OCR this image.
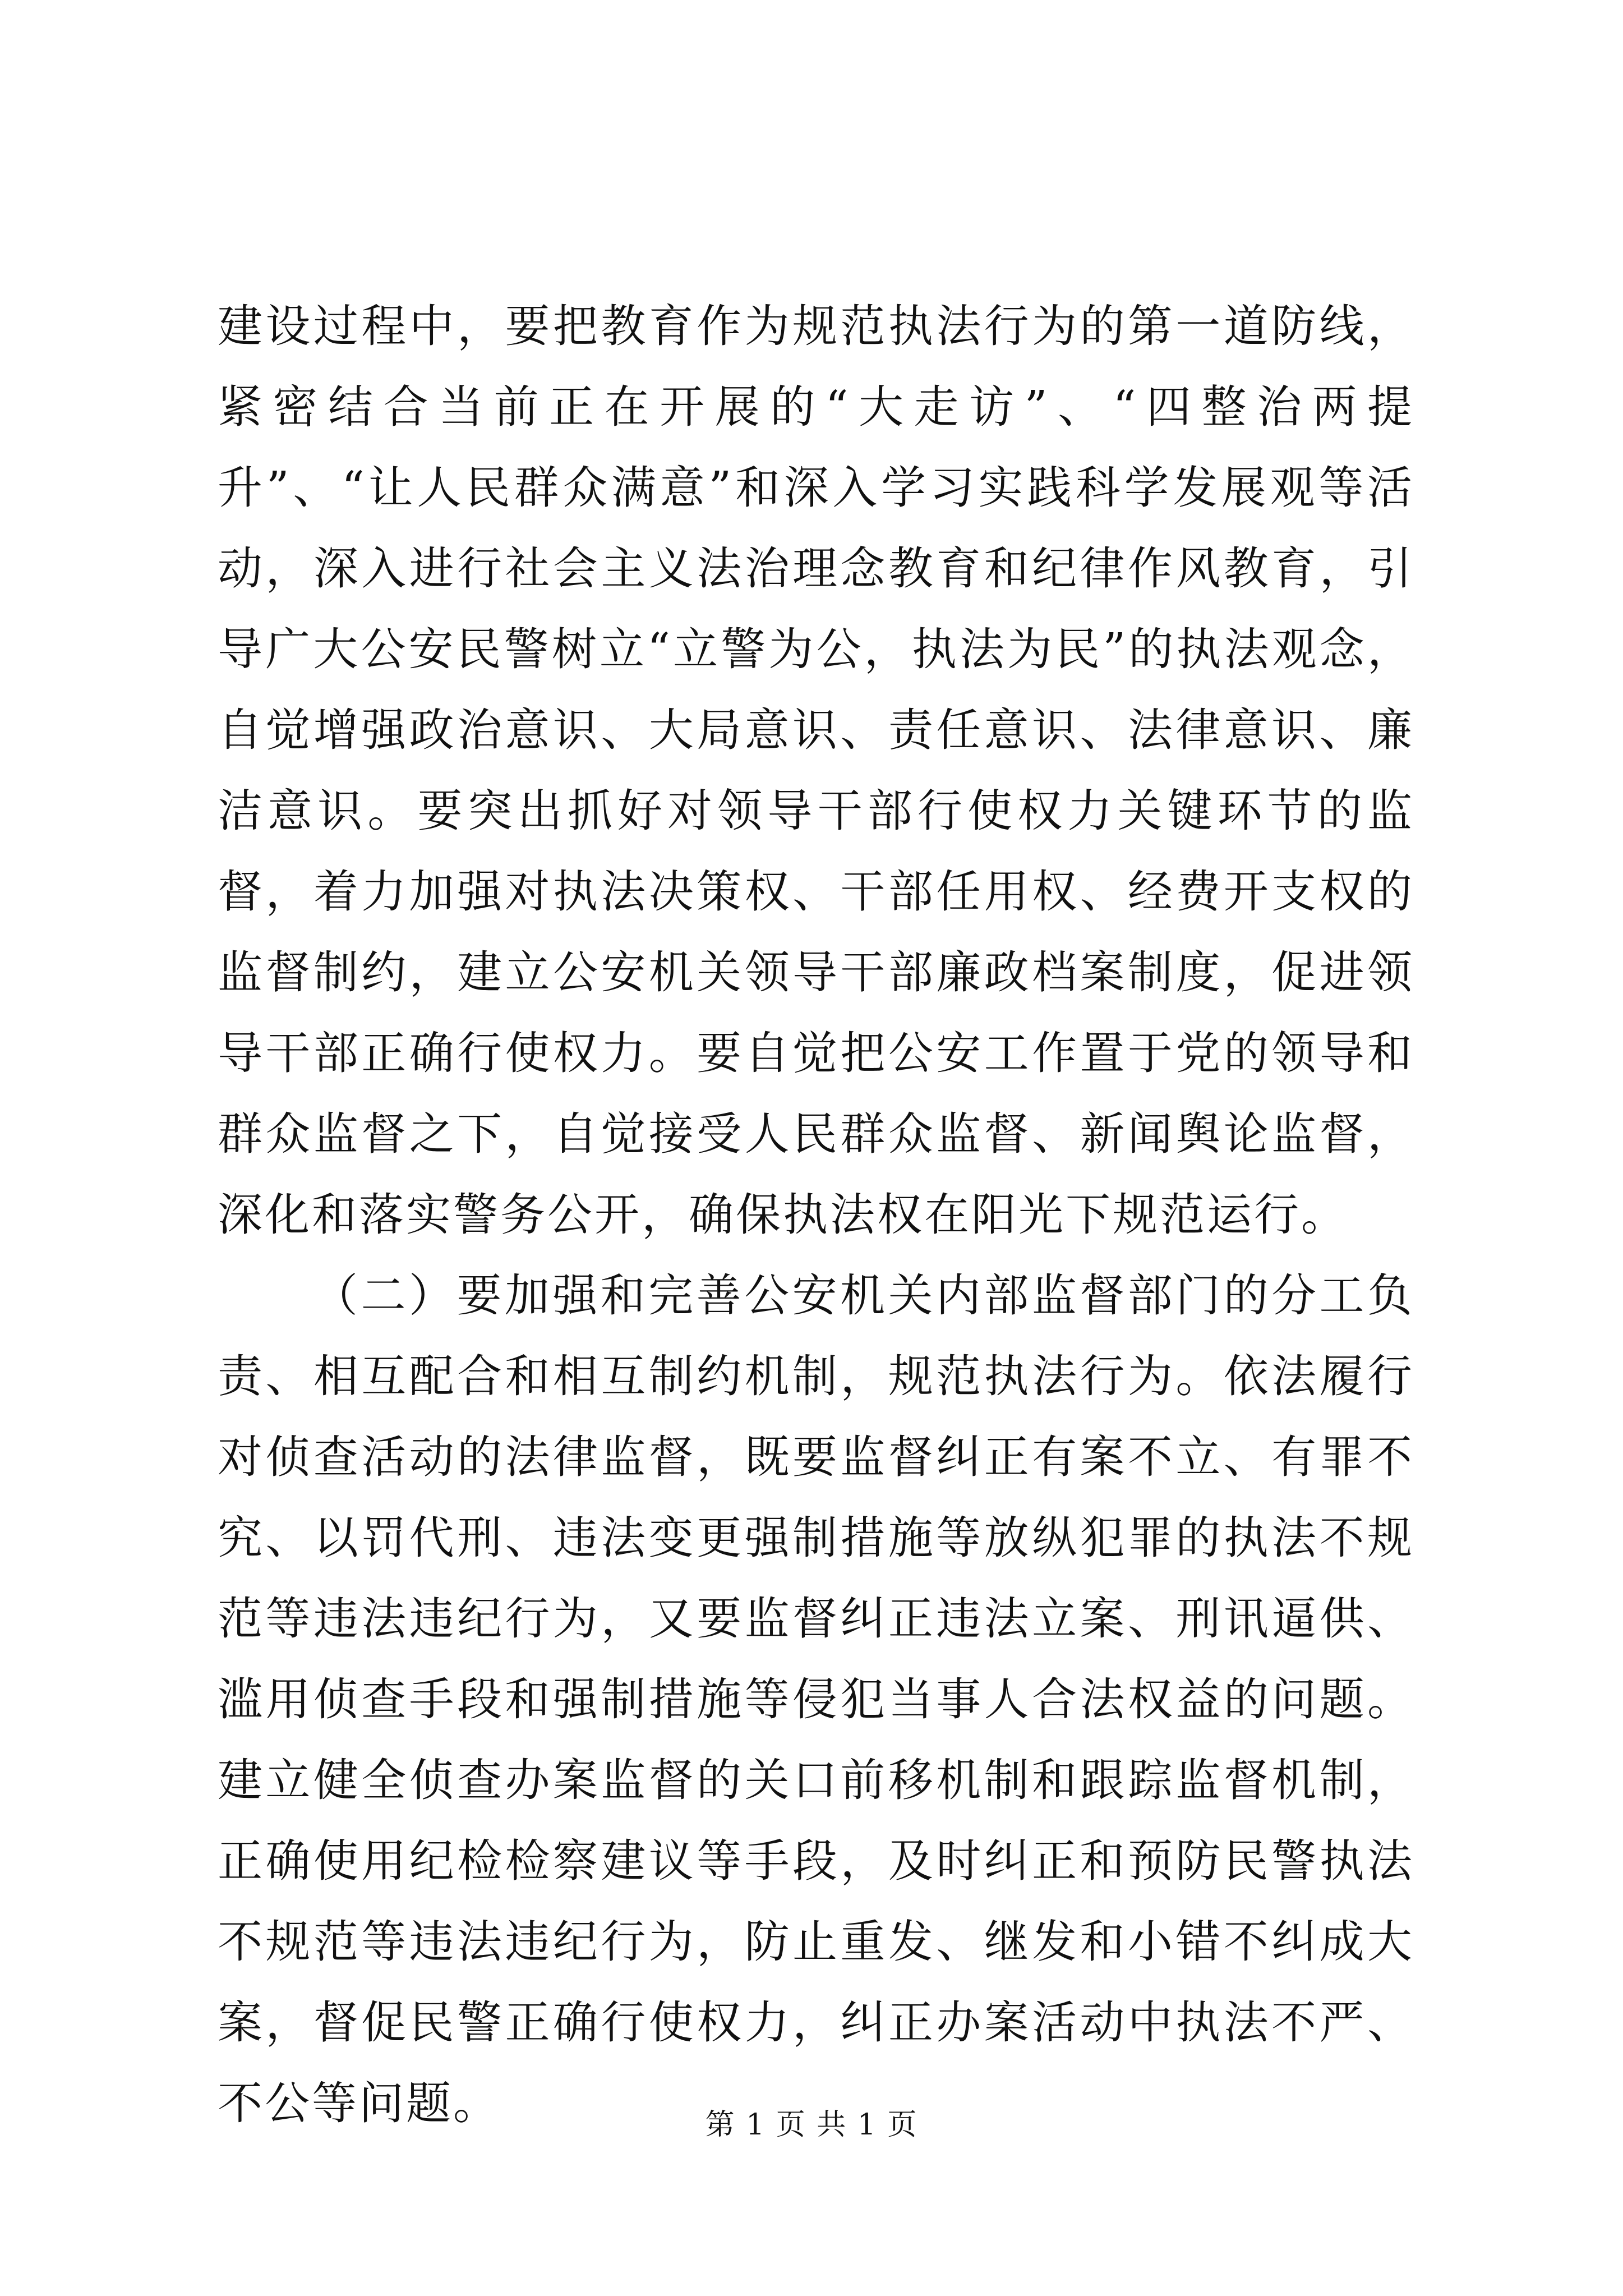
建设过程中，要把教育作为规范执法行为的第一道防线，紧密结合当前正在开展的“大走访”、“四整治两提升”、“让人民群众满意”和深入学习实践科学发展观等活动，深入进行社会主义法治理念教育和纪律作风教育，引导广大公安民警树立“立警为公，执法为民”的执法观念，自觉增强政治意识、大局意识、责任意识、法律意识、廉洁意识。要突出抓好对领导干部行使权力关键环节的监督，着力加强对执法决策权、干部任用权、经费开支权的监督制约，建立公安机关领导干部廉政档案制度，促进领导干部正确行使权力。要自觉把公安工作置于党的领导和群众监督之下，自觉接受人民群众监督、新闻舆论监督，深化和落实警务公开，确保执法权在阳光下规范运行。

（二）要加强和完善公安机关内部监督部门的分工负责、相互配合和相互制约机制，规范执法行为。依法履行对侦查活动的法律监督，既要监督纠正有案不立、有罪不究、以罚代刑、违法变更强制措施等放纵犯罪的执法不规范等违法违纪行为，又要监督纠正违法立案、刑讯逼供、滥用侦查手段和强制措施等侵犯当事人合法权益的问题。建立健全侦查办案监督的关口前移机制和跟踪监督机制，正确使用纪检检察建议等手段，及时纠正和预防民警执法不规范等违法违纪行为，防止重发、继发和小错不纠成大案，督促民警正确行使权力，纠正办案活动中执法不严、不公等问题。	第 1 页 共 1 页
